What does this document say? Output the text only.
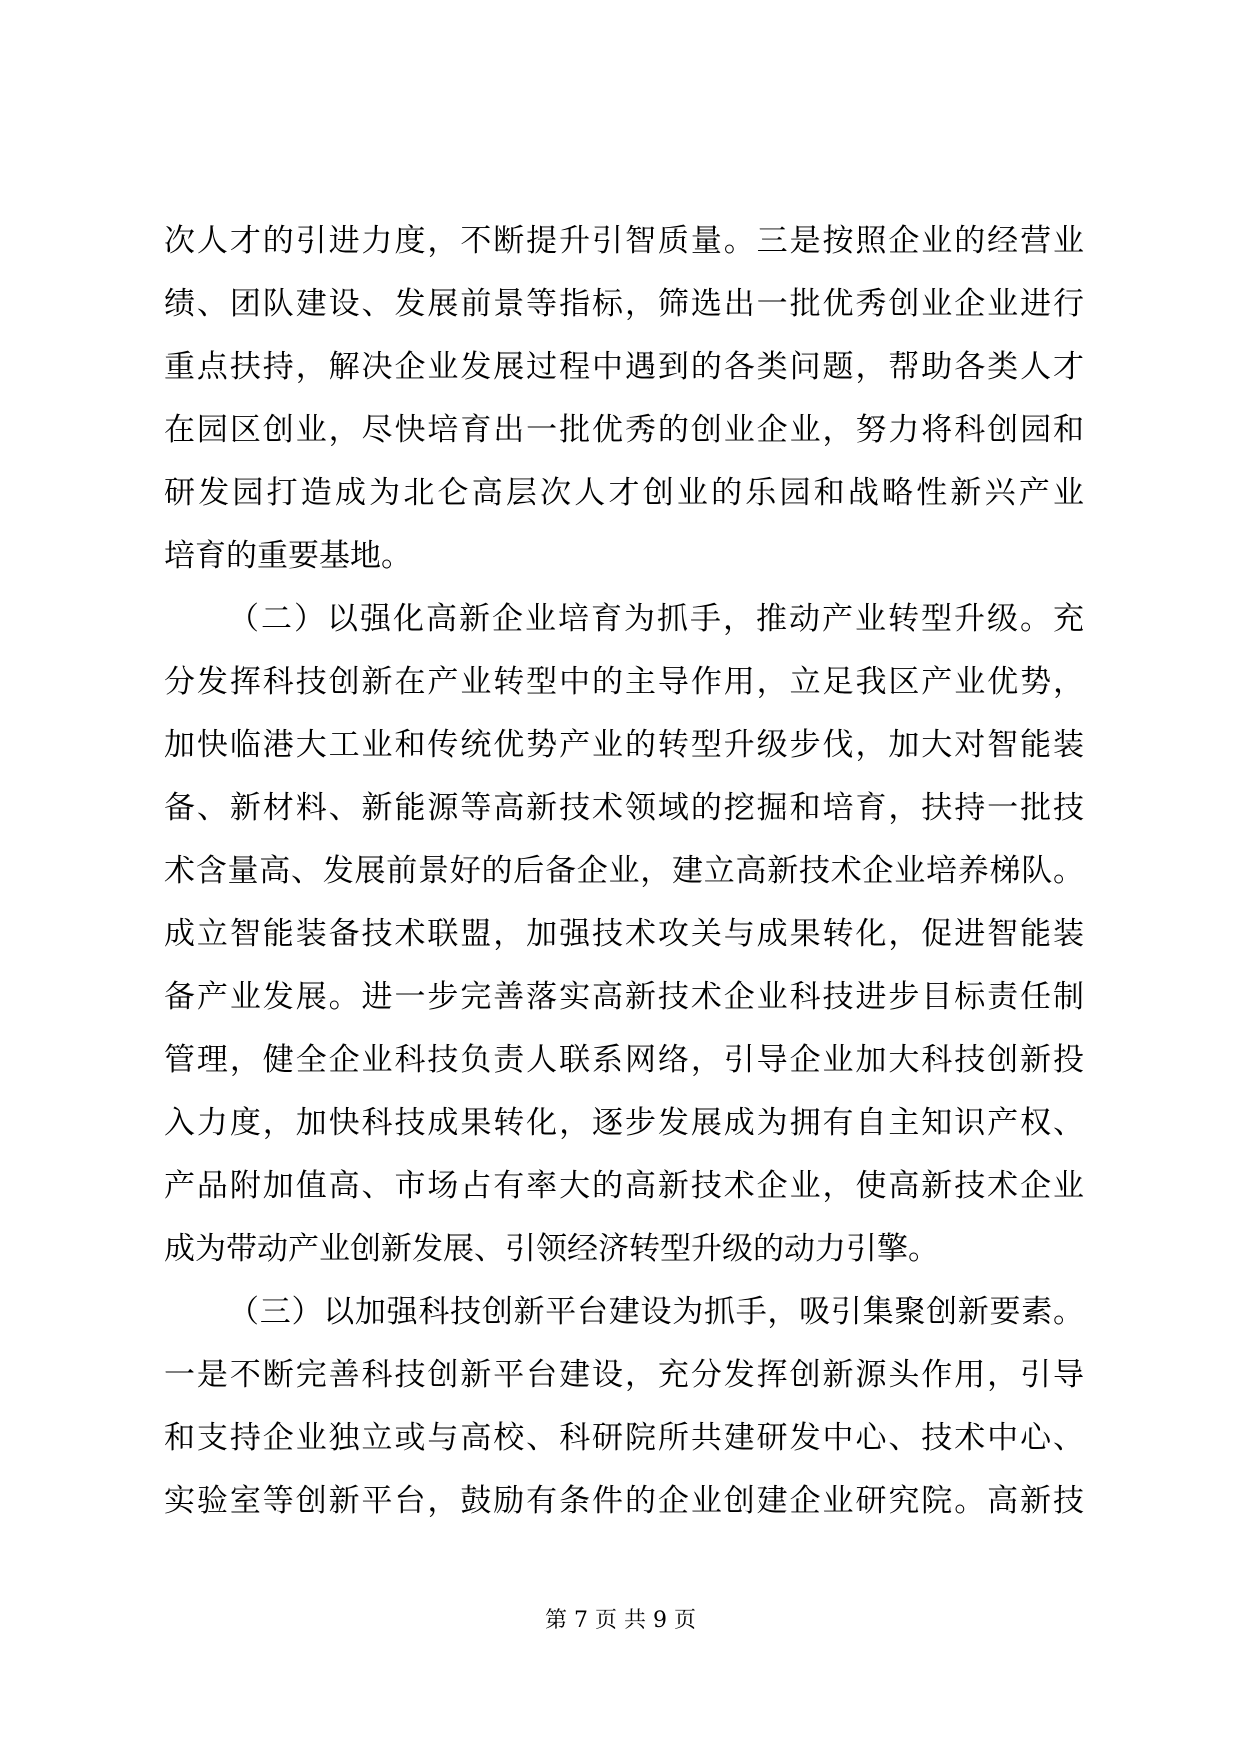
次人才的引进力度，不断提升引智质量。三是按照企业的经营业
绩、团队建设、发展前景等指标，筛选出一批优秀创业企业进行
重点扶持，解决企业发展过程中遇到的各类问题，帮助各类人才
在园区创业，尽快培育出一批优秀的创业企业，努力将科创园和
研发园打造成为北仑高层次人才创业的乐园和战略性新兴产业
培育的重要基地。
（二）以强化高新企业培育为抓手，推动产业转型升级。充
分发挥科技创新在产业转型中的主导作用，立足我区产业优势，
加快临港大工业和传统优势产业的转型升级步伐，加大对智能装
备、新材料、新能源等高新技术领域的挖掘和培育，扶持一批技
术含量高、发展前景好的后备企业，建立高新技术企业培养梯队。
成立智能装备技术联盟，加强技术攻关与成果转化，促进智能装
备产业发展。进一步完善落实高新技术企业科技进步目标责任制
管理，健全企业科技负责人联系网络，引导企业加大科技创新投
入力度，加快科技成果转化，逐步发展成为拥有自主知识产权、
产品附加值高、市场占有率大的高新技术企业，使高新技术企业
成为带动产业创新发展、引领经济转型升级的动力引擎。
（三）以加强科技创新平台建设为抓手，吸引集聚创新要素。
一是不断完善科技创新平台建设，充分发挥创新源头作用，引导
和支持企业独立或与高校、科研院所共建研发中心、技术中心、
实验室等创新平台，鼓励有条件的企业创建企业研究院。高新技
第 7 页 共 9 页
